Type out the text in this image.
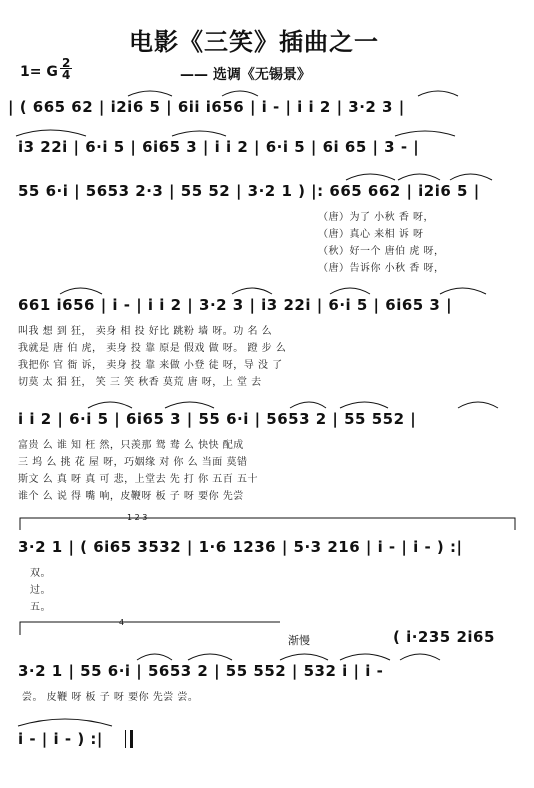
电影《三笑》插曲之一
1= G
2
4	—— 选调《无锡景》
| ( 665 62 | i2i6 5 | 6ii i656 | i - | i i 2 | 3·2 3 |
i3 22i | 6·i 5 | 6i65 3 | i i 2 | 6·i 5 | 6i 65 | 3 - |
55 6·i | 5653 2·3 | 55 52 | 3·2 1 ) |: 665 662 | i2i6 5 |
（唐）为了 小秋 香 呀，
（唐）真心 来相 诉 呀
（秋）好一个 唐伯 虎 呀，
（唐）告诉你 小秋 香 呀，
661 i656 | i - | i i 2 | 3·2 3 | i3 22i | 6·i 5 | 6i65 3 |
叫我 想 到 狂， 卖身 相 投 好比 跳粉 墙 呀。功 名 么
我就是 唐 伯 虎， 卖身 投 靠 原是 假戏 做 呀。 蹬 步 么
我把你 官 衙 诉， 卖身 投 靠 来做 小登 徒 呀，导 没 了
切莫 太 猖 狂， 笑 三 笑 秋香 莫荒 唐 呀，上 堂 去
i i 2 | 6·i 5 | 6i65 3 | 55 6·i | 5653 2 | 55 552 |
富贵 么 谁 知 枉 然，只羡那 鸳 鸯 么 快快 配成
三 坞 么 挑 花 屋 呀，巧姻缘 对 你 么 当面 莫错
斯文 么 真 呀 真 可 悲，上堂去 先 打 你 五百 五十
谁个 么 说 得 嘴 响，皮鞭呀 板 子 呀 要你 先尝
1 2 3
3·2 1 | ( 6i65 3532 | 1·6 1236 | 5·3 216 | i - | i - ) :|
双。
过。
五。
4
渐慢	( i·235 2i65
3·2 1 | 55 6·i | 5653 2 | 55 552 | 532 i | i -
尝。 皮鞭 呀 板 子 呀 要你 先尝 尝。
i - | i - ) :|
